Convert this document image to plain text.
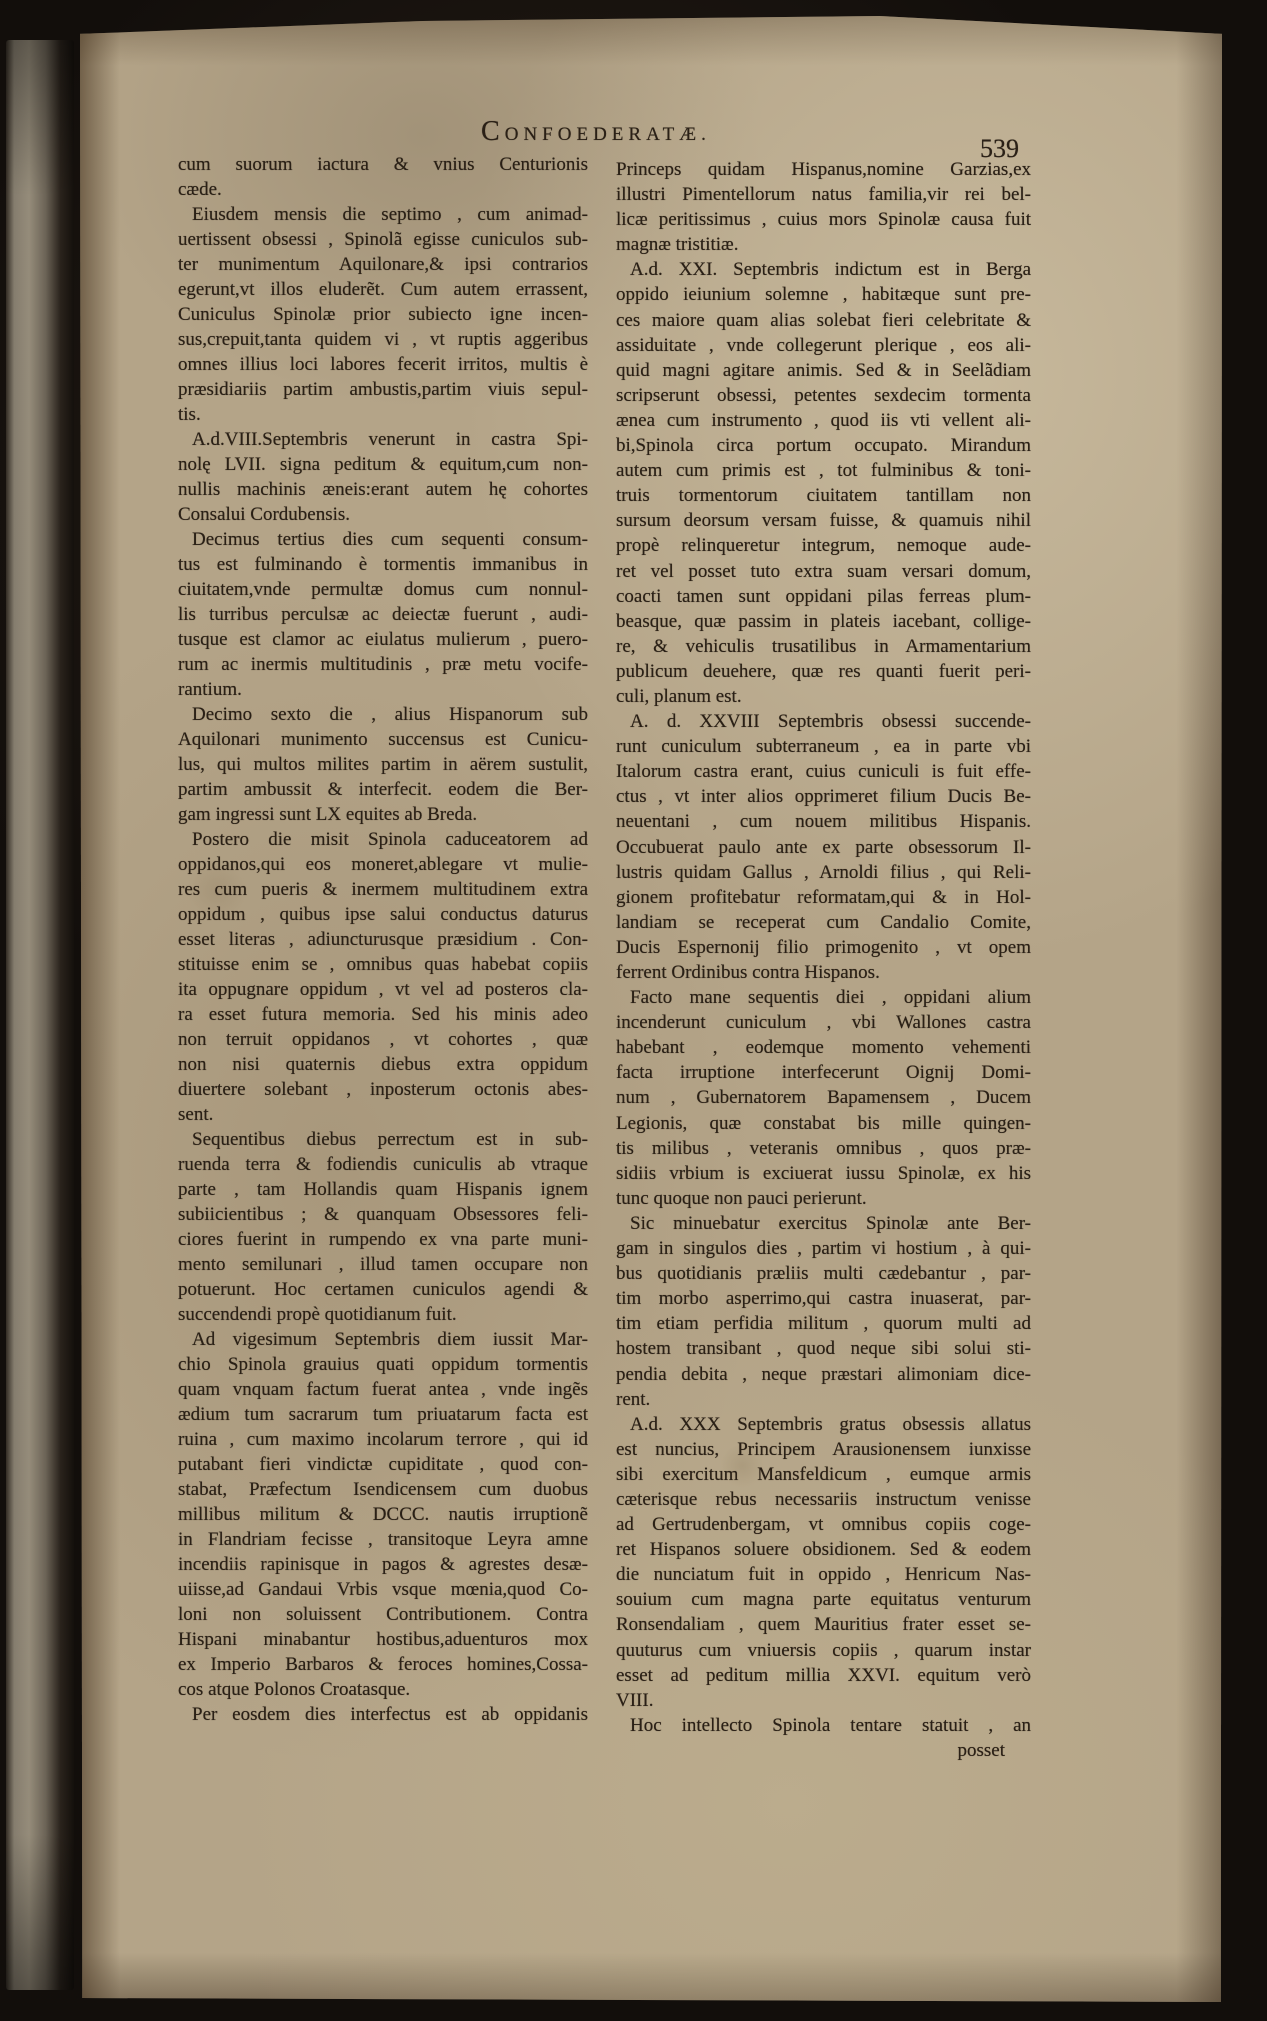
CONFOEDERATÆ.	539
cum suorum iactura & vnius Centurionis
cæde.
Eiusdem mensis die septimo , cum animad-
uertissent obsessi , Spinolã egisse cuniculos sub-
ter munimentum Aquilonare,& ipsi contrarios
egerunt,vt illos eluderẽt. Cum autem errassent,
Cuniculus Spinolæ prior subiecto igne incen-
sus,crepuit,tanta quidem vi , vt ruptis aggeribus
omnes illius loci labores fecerit irritos, multis è
præsidiariis partim ambustis,partim viuis sepul-
tis.
A.d.VIII.Septembris venerunt in castra Spi-
nolę LVII. signa peditum & equitum,cum non-
nullis machinis æneis:erant autem hę cohortes
Consalui Cordubensis.
Decimus tertius dies cum sequenti consum-
tus est fulminando è tormentis immanibus in
ciuitatem,vnde permultæ domus cum nonnul-
lis turribus perculsæ ac deiectæ fuerunt , audi-
tusque est clamor ac eiulatus mulierum , puero-
rum ac inermis multitudinis , præ metu vocife-
rantium.
Decimo sexto die , alius Hispanorum sub
Aquilonari munimento succensus est Cunicu-
lus, qui multos milites partim in aërem sustulit,
partim ambussit & interfecit. eodem die Ber-
gam ingressi sunt LX equites ab Breda.
Postero die misit Spinola caduceatorem ad
oppidanos,qui eos moneret,ablegare vt mulie-
res cum pueris & inermem multitudinem extra
oppidum , quibus ipse salui conductus daturus
esset literas , adiuncturusque præsidium . Con-
stituisse enim se , omnibus quas habebat copiis
ita oppugnare oppidum , vt vel ad posteros cla-
ra esset futura memoria. Sed his minis adeo
non terruit oppidanos , vt cohortes , quæ
non nisi quaternis diebus extra oppidum
diuertere solebant , inposterum octonis abes-
sent.
Sequentibus diebus perrectum est in sub-
ruenda terra & fodiendis cuniculis ab vtraque
parte , tam Hollandis quam Hispanis ignem
subiicientibus ; & quanquam Obsessores feli-
ciores fuerint in rumpendo ex vna parte muni-
mento semilunari , illud tamen occupare non
potuerunt. Hoc certamen cuniculos agendi &
succendendi propè quotidianum fuit.
Ad vigesimum Septembris diem iussit Mar-
chio Spinola grauius quati oppidum tormentis
quam vnquam factum fuerat antea , vnde ingẽs
ædium tum sacrarum tum priuatarum facta est
ruina , cum maximo incolarum terrore , qui id
putabant fieri vindictæ cupiditate , quod con-
stabat, Præfectum Isendicensem cum duobus
millibus militum & DCCC. nautis irruptionẽ
in Flandriam fecisse , transitoque Leyra amne
incendiis rapinisque in pagos & agrestes desæ-
uiisse,ad Gandaui Vrbis vsque mœnia,quod Co-
loni non soluissent Contributionem. Contra
Hispani minabantur hostibus,aduenturos mox
ex Imperio Barbaros & feroces homines,Cossa-
cos atque Polonos Croatasque.
Per eosdem dies interfectus est ab oppidanis
Princeps quidam Hispanus,nomine Garzias,ex
illustri Pimentellorum natus familia,vir rei bel-
licæ peritissimus , cuius mors Spinolæ causa fuit
magnæ tristitiæ.
A.d. XXI. Septembris indictum est in Berga
oppido ieiunium solemne , habitæque sunt pre-
ces maiore quam alias solebat fieri celebritate &
assiduitate , vnde collegerunt plerique , eos ali-
quid magni agitare animis. Sed & in Seelãdiam
scripserunt obsessi, petentes sexdecim tormenta
ænea cum instrumento , quod iis vti vellent ali-
bi,Spinola circa portum occupato. Mirandum
autem cum primis est , tot fulminibus & toni-
truis tormentorum ciuitatem tantillam non
sursum deorsum versam fuisse, & quamuis nihil
propè relinqueretur integrum, nemoque aude-
ret vel posset tuto extra suam versari domum,
coacti tamen sunt oppidani pilas ferreas plum-
beasque, quæ passim in plateis iacebant, collige-
re, & vehiculis trusatilibus in Armamentarium
publicum deuehere, quæ res quanti fuerit peri-
culi, planum est.
A. d. XXVIII Septembris obsessi succende-
runt cuniculum subterraneum , ea in parte vbi
Italorum castra erant, cuius cuniculi is fuit effe-
ctus , vt inter alios opprimeret filium Ducis Be-
neuentani , cum nouem militibus Hispanis.
Occubuerat paulo ante ex parte obsessorum Il-
lustris quidam Gallus , Arnoldi filius , qui Reli-
gionem profitebatur reformatam,qui & in Hol-
landiam se receperat cum Candalio Comite,
Ducis Espernonij filio primogenito , vt opem
ferrent Ordinibus contra Hispanos.
Facto mane sequentis diei , oppidani alium
incenderunt cuniculum , vbi Wallones castra
habebant , eodemque momento vehementi
facta irruptione interfecerunt Oignij Domi-
num , Gubernatorem Bapamensem , Ducem
Legionis, quæ constabat bis mille quingen-
tis milibus , veteranis omnibus , quos præ-
sidiis vrbium is exciuerat iussu Spinolæ, ex his
tunc quoque non pauci perierunt.
Sic minuebatur exercitus Spinolæ ante Ber-
gam in singulos dies , partim vi hostium , à qui-
bus quotidianis præliis multi cædebantur , par-
tim morbo asperrimo,qui castra inuaserat, par-
tim etiam perfidia militum , quorum multi ad
hostem transibant , quod neque sibi solui sti-
pendia debita , neque præstari alimoniam dice-
rent.
A.d. XXX Septembris gratus obsessis allatus
est nuncius, Principem Arausionensem iunxisse
sibi exercitum Mansfeldicum , eumque armis
cæterisque rebus necessariis instructum venisse
ad Gertrudenbergam, vt omnibus copiis coge-
ret Hispanos soluere obsidionem. Sed & eodem
die nunciatum fuit in oppido , Henricum Nas-
souium cum magna parte equitatus venturum
Ronsendaliam , quem Mauritius frater esset se-
quuturus cum vniuersis copiis , quarum instar
esset ad peditum millia XXVI. equitum verò
VIII.
Hoc intellecto Spinola tentare statuit , an
posset
